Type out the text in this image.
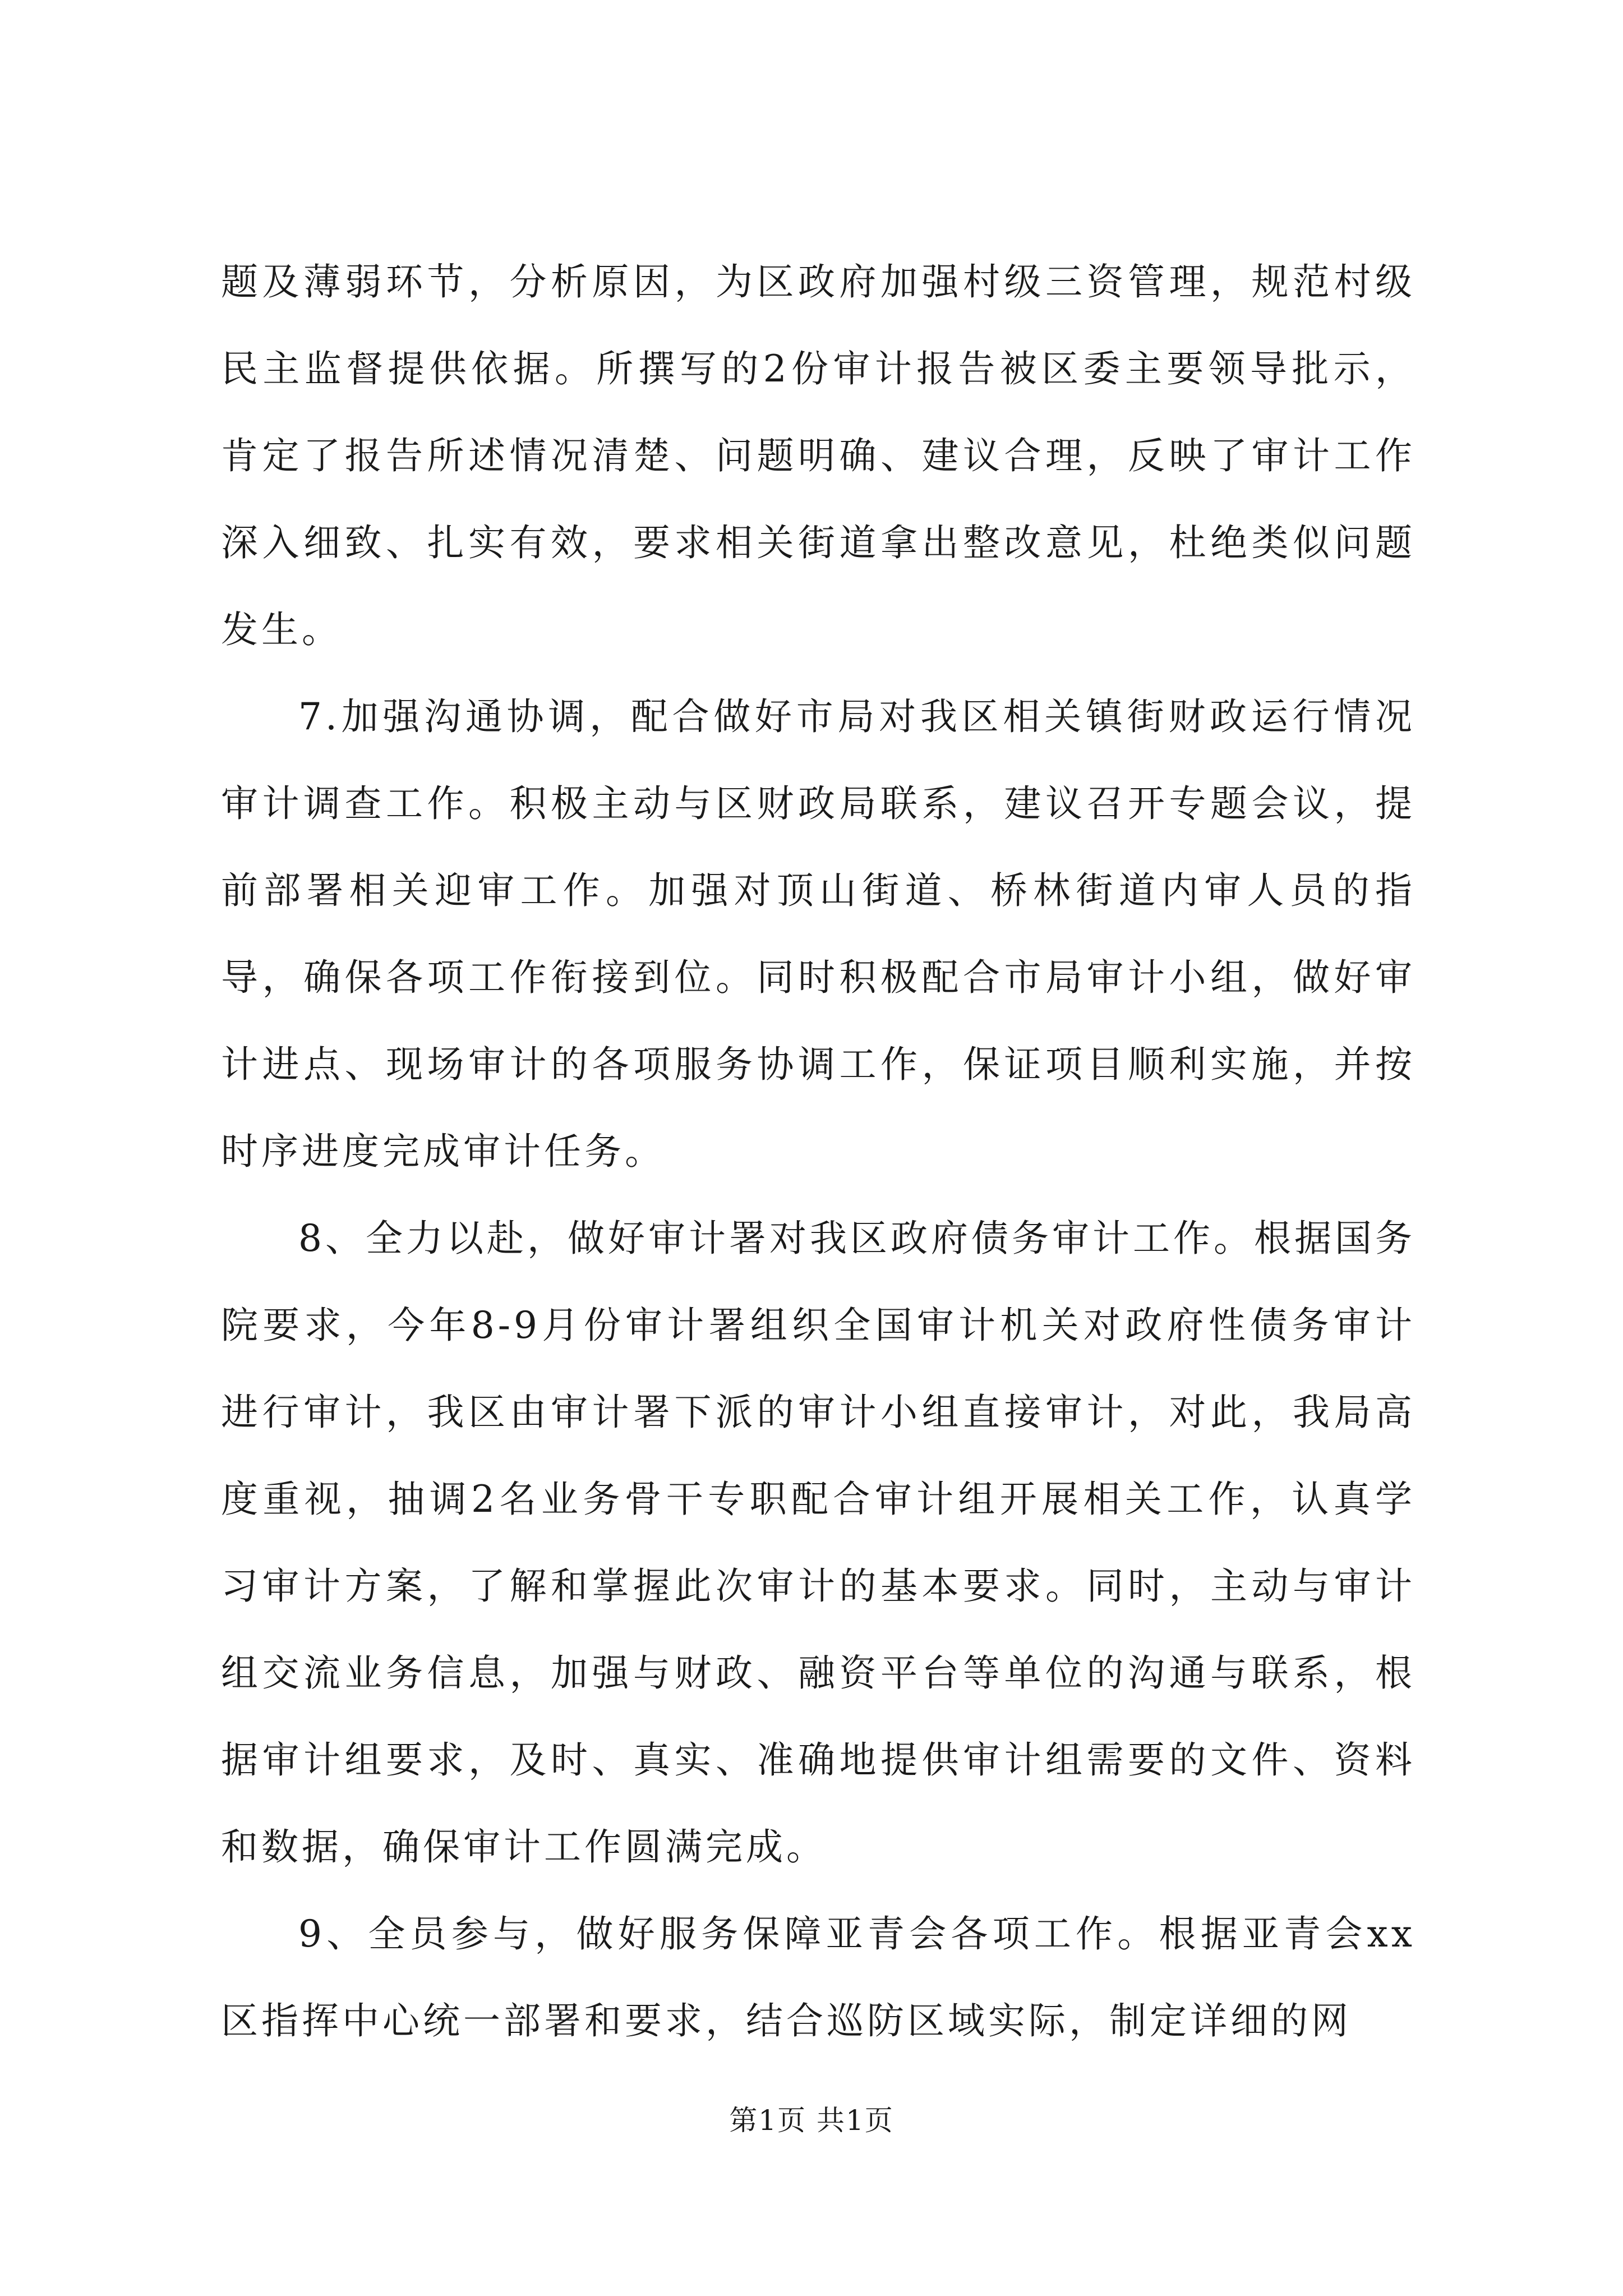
题及薄弱环节，分析原因，为区政府加强村级三资管理，规范村级民主监督提供依据。所撰写的2份审计报告被区委主要领导批示，肯定了报告所述情况清楚、问题明确、建议合理，反映了审计工作深入细致、扎实有效，要求相关街道拿出整改意见，杜绝类似问题发生。

7.加强沟通协调，配合做好市局对我区相关镇街财政运行情况审计调查工作。积极主动与区财政局联系，建议召开专题会议，提前部署相关迎审工作。加强对顶山街道、桥林街道内审人员的指导，确保各项工作衔接到位。同时积极配合市局审计小组，做好审计进点、现场审计的各项服务协调工作，保证项目顺利实施，并按时序进度完成审计任务。

8、全力以赴，做好审计署对我区政府债务审计工作。根据国务院要求，今年8-9月份审计署组织全国审计机关对政府性债务审计进行审计，我区由审计署下派的审计小组直接审计，对此，我局高度重视，抽调2名业务骨干专职配合审计组开展相关工作，认真学习审计方案，了解和掌握此次审计的基本要求。同时，主动与审计组交流业务信息，加强与财政、融资平台等单位的沟通与联系，根据审计组要求，及时、真实、准确地提供审计组需要的文件、资料和数据，确保审计工作圆满完成。

9、全员参与，做好服务保障亚青会各项工作。根据亚青会xx区指挥中心统一部署和要求，结合巡防区域实际，制定详细的网

第1页 共1页
